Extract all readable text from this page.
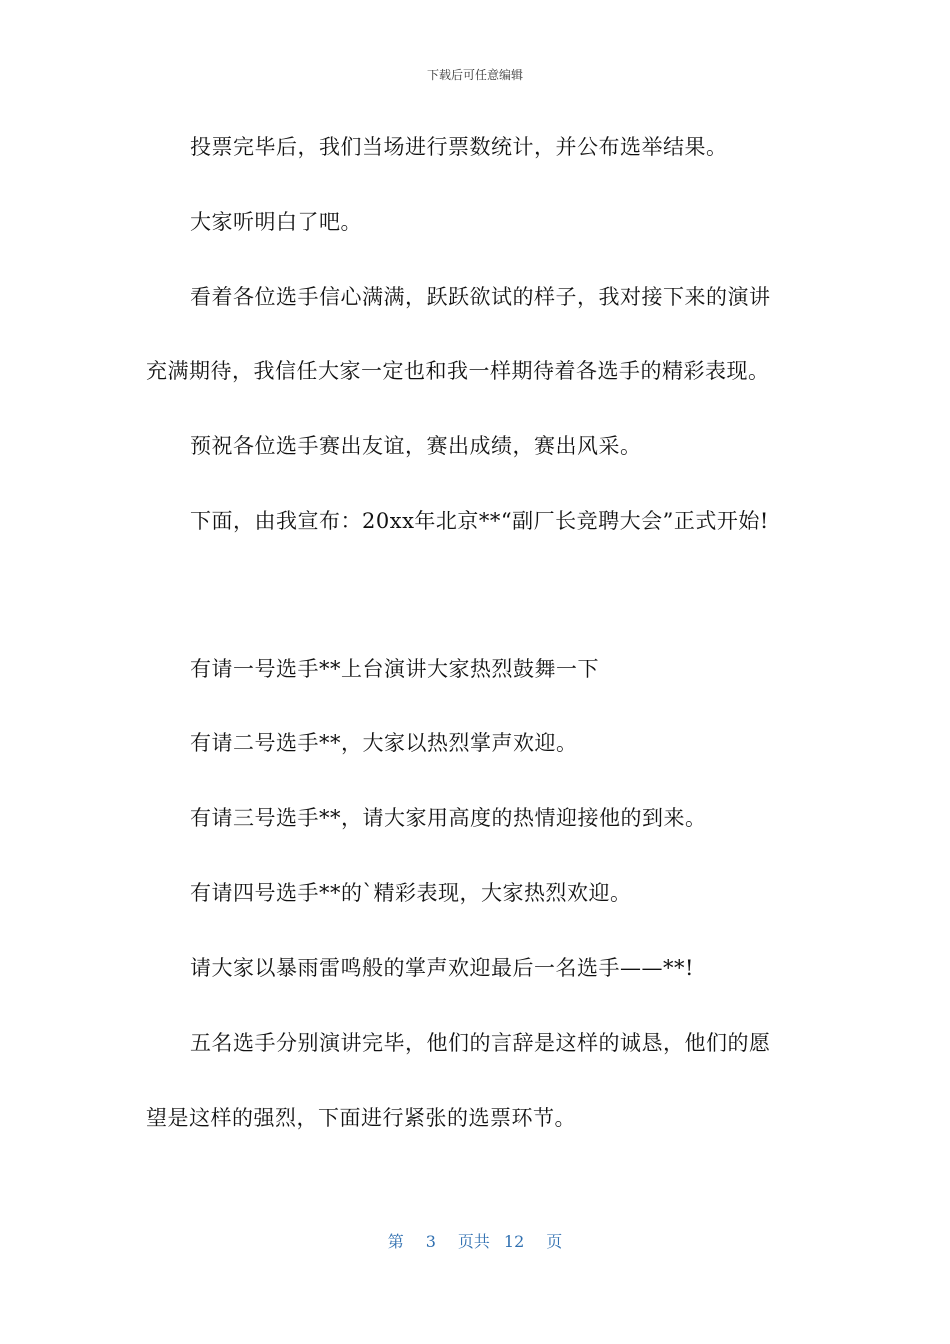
下载后可任意编辑
投票完毕后，我们当场进行票数统计，并公布选举结果。
大家听明白了吧。
看着各位选手信心满满，跃跃欲试的样子，我对接下来的演讲
充满期待，我信任大家一定也和我一样期待着各选手的精彩表现。
预祝各位选手赛出友谊，赛出成绩，赛出风采。
下面，由我宣布：20xx年北京**“副厂长竞聘大会”正式开始!
有请一号选手**上台演讲大家热烈鼓舞一下
有请二号选手**，大家以热烈掌声欢迎。
有请三号选手**，请大家用高度的热情迎接他的到来。
有请四号选手**的`精彩表现，大家热烈欢迎。
请大家以暴雨雷鸣般的掌声欢迎最后一名选手——**!
五名选手分别演讲完毕，他们的言辞是这样的诚恳，他们的愿
望是这样的强烈，下面进行紧张的选票环节。
第 3 页共 12 页
